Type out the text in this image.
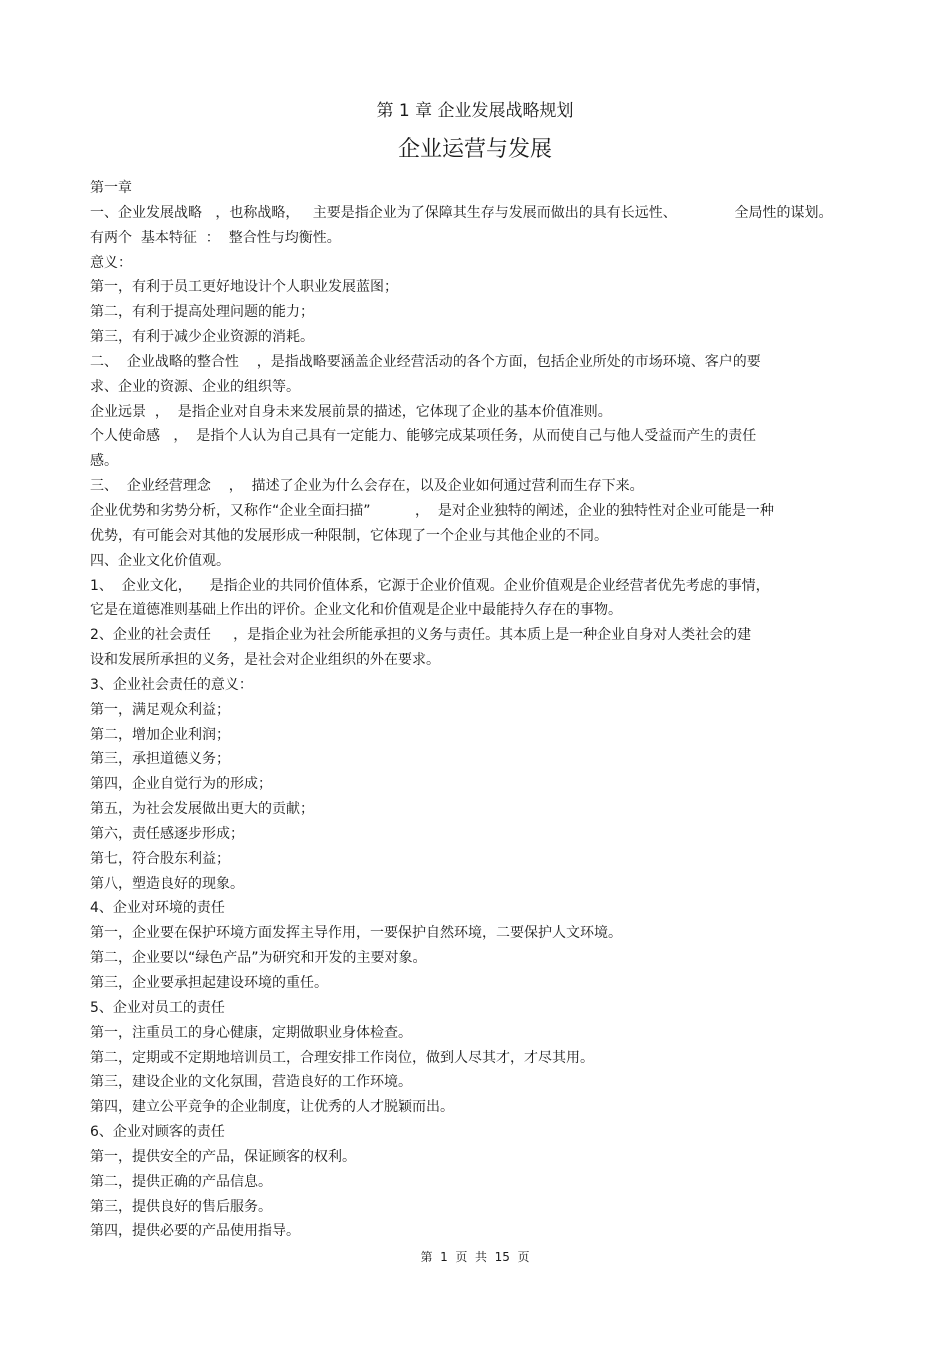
第 1 章 企业发展战略规划
企业运营与发展
第一章
一、企业发展战略   ，也称战略，   主要是指企业为了保障其生存与发展而做出的具有长远性、             全局性的谋划。
有两个  基本特征  ：  整合性与均衡性。
意义：
第一，有利于员工更好地设计个人职业发展蓝图；
第二，有利于提高处理问题的能力；
第三，有利于减少企业资源的消耗。
二、  企业战略的整合性    ，是指战略要涵盖企业经营活动的各个方面，包括企业所处的市场环境、客户的要
求、企业的资源、企业的组织等。
企业远景  ，  是指企业对自身未来发展前景的描述，它体现了企业的基本价值准则。
个人使命感   ，  是指个人认为自己具有一定能力、能够完成某项任务，从而使自己与他人受益而产生的责任
感。
三、  企业经营理念    ，  描述了企业为什么会存在，以及企业如何通过营利而生存下来。
企业优势和劣势分析，又称作“企业全面扫描”          ，  是对企业独特的阐述，企业的独特性对企业可能是一种
优势，有可能会对其他的发展形成一种限制，它体现了一个企业与其他企业的不同。
四、企业文化价值观。
1、  企业文化，    是指企业的共同价值体系，它源于企业价值观。企业价值观是企业经营者优先考虑的事情，
它是在道德准则基础上作出的评价。企业文化和价值观是企业中最能持久存在的事物。
2、企业的社会责任     ，是指企业为社会所能承担的义务与责任。其本质上是一种企业自身对人类社会的建
设和发展所承担的义务，是社会对企业组织的外在要求。
3、企业社会责任的意义：
第一，满足观众利益；
第二，增加企业利润；
第三，承担道德义务；
第四，企业自觉行为的形成；
第五，为社会发展做出更大的贡献；
第六，责任感逐步形成；
第七，符合股东利益；
第八，塑造良好的现象。
4、企业对环境的责任
第一，企业要在保护环境方面发挥主导作用，一要保护自然环境，二要保护人文环境。
第二，企业要以“绿色产品”为研究和开发的主要对象。
第三，企业要承担起建设环境的重任。
5、企业对员工的责任
第一，注重员工的身心健康，定期做职业身体检查。
第二，定期或不定期地培训员工，合理安排工作岗位，做到人尽其才，才尽其用。
第三，建设企业的文化氛围，营造良好的工作环境。
第四，建立公平竞争的企业制度，让优秀的人才脱颖而出。
6、企业对顾客的责任
第一，提供安全的产品，保证顾客的权利。
第二，提供正确的产品信息。
第三，提供良好的售后服务。
第四，提供必要的产品使用指导。
第  1  页  共  15  页
